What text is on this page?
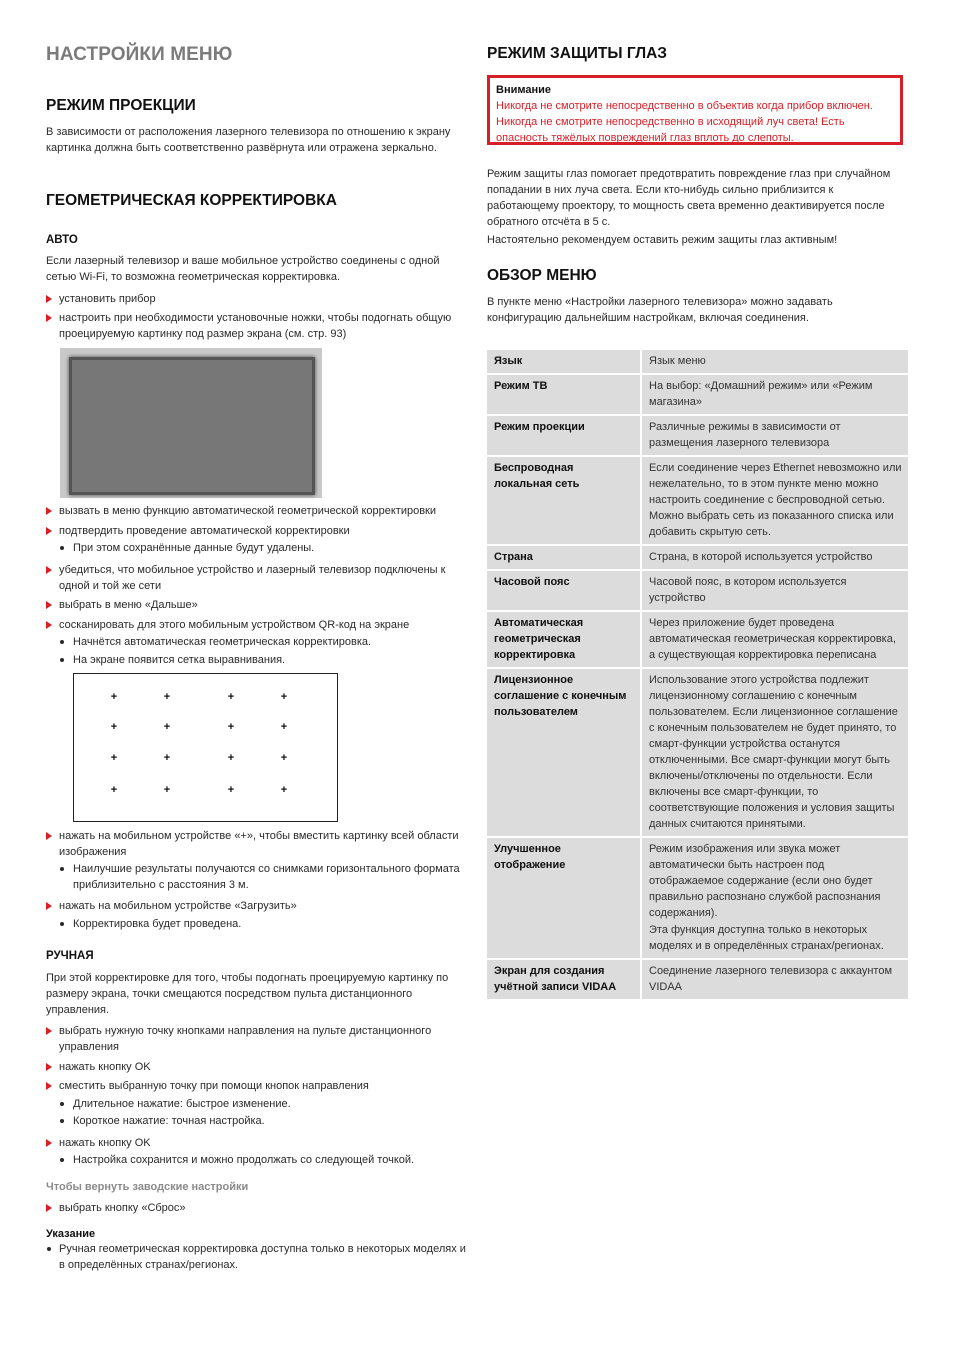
НАСТРОЙКИ МЕНЮ
РЕЖИМ ПРОЕКЦИИ

В зависимости от расположения лазерного телевизора по отношению к экрану картинка должна быть соответственно развёрнута или отражена зеркально.

ГЕОМЕТРИЧЕСКАЯ КОРРЕКТИРОВКА
АВТО

Если лазерный телевизор и ваше мобильное устройство соединены с одной сетью Wi-Fi, то возможна геометрическая корректировка.

установить прибор
настроить при необходимости установочные ножки, чтобы подогнать общую проецируемую картинку под размер экрана (см. стр. 93)
вызвать в меню функцию автоматической геометрической корректировки
подтвердить проведение автоматической корректировки
При этом сохранённые данные будут удалены.
убедиться, что мобильное устройство и лазерный телевизор подключены к одной и той же сети
выбрать в меню «Дальше»
сосканировать для этого мобильным устройством QR-код на экране
Начнётся автоматическая геометрическая корректировка.
На экране появится сетка выравнивания.
+	+	+	+
+	+	+	+
+	+	+	+
+	+	+	+
нажать на мобильном устройстве «+», чтобы вместить картинку всей области изображения
Наилучшие результаты получаются со снимками горизонтального формата приблизительно с расстояния 3 м.
нажать на мобильном устройстве «Загрузить»
Корректировка будет проведена.
РУЧНАЯ

При этой корректировке для того, чтобы подогнать проецируемую картинку по размеру экрана, точки смещаются посредством пульта дистанционного управления.

выбрать нужную точку кнопками направления на пульте дистанционного управления
нажать кнопку OK
сместить выбранную точку при помощи кнопок направления
Длительное нажатие: быстрое изменение.
Короткое нажатие: точная настройка.
нажать кнопку OK
Настройка сохранится и можно продолжать со следующей точкой.

Чтобы вернуть заводские настройки

выбрать кнопку «Сброс»

Указание

Ручная геометрическая корректировка доступна только в некоторых моделях и в определённых странах/регионах.
РЕЖИМ ЗАЩИТЫ ГЛАЗ
Внимание
Никогда не смотрите непосредственно в объектив когда прибор включен. Никогда не смотрите непосредственно в исходящий луч света! Есть опасность тяжёлых повреждений глаз вплоть до слепоты.

Режим защиты глаз помогает предотвратить повреждение глаз при случайном попадании в них луча света. Если кто-нибудь сильно приблизится к работающему проектору, то мощность света временно деактивируется после обратного отсчёта в 5 с.

Настоятельно рекомендуем оставить режим защиты глаз активным!

ОБЗОР МЕНЮ

В пункте меню «Настройки лазерного телевизора» можно задавать конфигурацию дальнейшим настройкам, включая соединения.

Язык	Язык меню
Режим ТВ	На выбор: «Домашний режим» или «Режим магазина»
Режим проекции	Различные режимы в зависимости от размещения лазерного телевизора
Беспроводная локальная сеть	Если соединение через Ethernet невозможно или нежелательно, то в этом пункте меню можно настроить соединение с беспроводной сетью. Можно выбрать сеть из показанного списка или добавить скрытую сеть.
Страна	Страна, в которой используется устройство
Часовой пояс	Часовой пояс, в котором используется устройство
Автоматическая геометрическая корректировка	Через приложение будет проведена автоматическая геометрическая корректировка, а существующая корректировка переписана
Лицензионное соглашение с конечным пользователем	Использование этого устройства подлежит лицензионному соглашению с конечным пользователем. Если лицензионное соглашение с конечным пользователем не будет принято, то смарт-функции устройства останутся отключенными. Все смарт-функции могут быть включены/отключены по отдельности. Если включены все смарт-функции, то соответствующие положения и условия защиты данных считаются принятыми.
Улучшенное отображение	Режим изображения или звука может автоматически быть настроен под отображаемое содержание (если оно будет правильно распознано службой распознания содержания).
Эта функция доступна только в некоторых моделях и в определённых странах/регионах.

Экран для создания учётной записи VIDAA	Соединение лазерного телевизора с аккаунтом VIDAA
